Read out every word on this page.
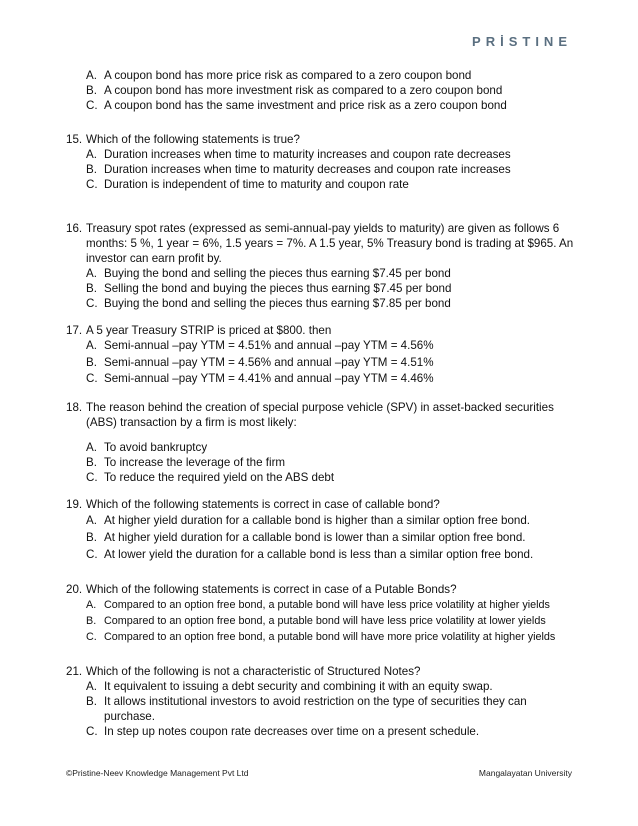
PRİSTINE
A. A coupon bond has more price risk as compared to a zero coupon bond
B. A coupon bond has more investment risk as compared to a zero coupon bond
C. A coupon bond has the same investment and price risk as a zero coupon bond
15. Which of the following statements is true?
A. Duration increases when time to maturity increases and coupon rate decreases
B. Duration increases when time to maturity decreases and coupon rate increases
C. Duration is independent of time to maturity and coupon rate
16. Treasury spot rates (expressed as semi-annual-pay yields to maturity) are given as follows 6 months: 5 %, 1 year = 6%, 1.5 years = 7%. A 1.5 year, 5% Treasury bond is trading at $965. An investor can earn profit by.
A. Buying the bond and selling the pieces thus earning $7.45 per bond
B. Selling the bond and buying the pieces thus earning $7.45 per bond
C. Buying the bond and selling the pieces thus earning $7.85 per bond
17. A 5 year Treasury STRIP is priced at $800. then
A. Semi-annual –pay YTM = 4.51% and annual –pay YTM = 4.56%
B. Semi-annual –pay YTM = 4.56% and annual –pay YTM = 4.51%
C. Semi-annual –pay YTM = 4.41% and annual –pay YTM = 4.46%
18. The reason behind the creation of special purpose vehicle (SPV) in asset-backed securities (ABS) transaction by a firm is most likely:
A. To avoid bankruptcy
B. To increase the leverage of the firm
C. To reduce the required yield on the ABS debt
19. Which of the following statements is correct in case of callable bond?
A. At higher yield duration for a callable bond is higher than a similar option free bond.
B. At higher yield duration for a callable bond is lower than a similar option free bond.
C. At lower yield the duration for a callable bond is less than a similar option free bond.
20. Which of the following statements is correct in case of a Putable Bonds?
A. Compared to an option free bond, a putable bond will have less price volatility at higher yields
B. Compared to an option free bond, a putable bond will have less price volatility at lower yields
C. Compared to an option free bond, a putable bond will have more price volatility at higher yields
21. Which of the following is not a characteristic of Structured Notes?
A. It equivalent to issuing a debt security and combining it with an equity swap.
B. It allows institutional investors to avoid restriction on the type of securities they can purchase.
C. In step up notes coupon rate decreases over time on a present schedule.
©Pristine-Neev Knowledge Management Pvt Ltd	Mangalayatan University
